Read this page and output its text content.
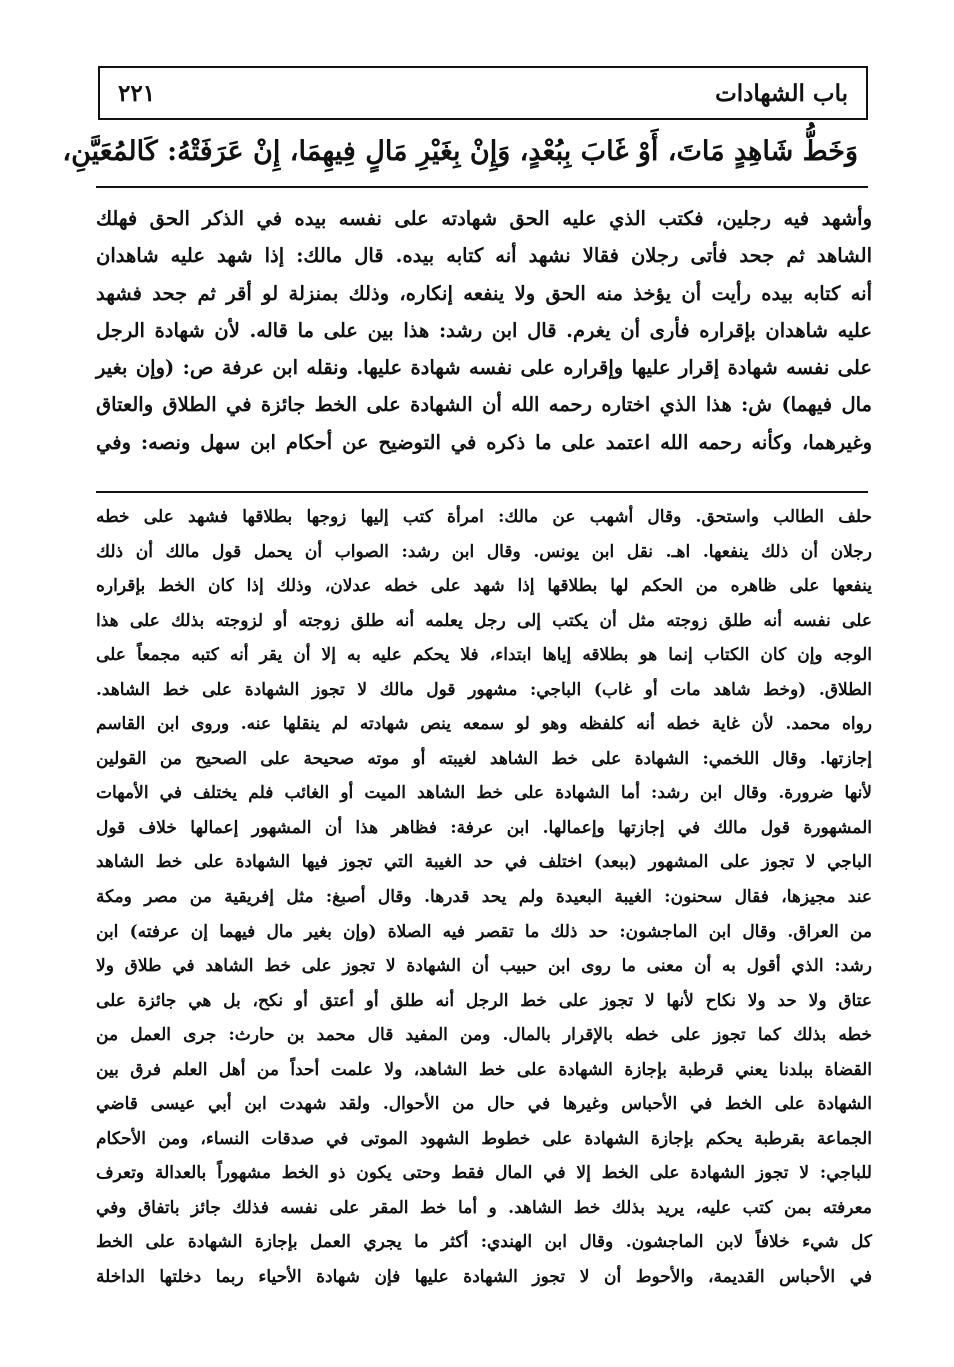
باب الشهادات
٢٢١

وَخَطُّ شَاهِدٍ مَاتَ، أَوْ غَابَ بِبُعْدٍ، وَإِنْ بِغَيْرِ مَالٍ فِيهِمَا، إِنْ عَرَفَتْهُ: كَالمُعَيَّنِ،

وأشهد فيه رجلين، فكتب الذي عليه الحق شهادته على نفسه بيده في الذكر الحق فهلك

الشاهد ثم جحد فأتى رجلان فقالا نشهد أنه كتابه بيده. قال مالك: إذا شهد عليه شاهدان

أنه كتابه بيده رأيت أن يؤخذ منه الحق ولا ينفعه إنكاره، وذلك بمنزلة لو أقر ثم جحد فشهد

عليه شاهدان بإقراره فأرى أن يغرم. قال ابن رشد: هذا بين على ما قاله. لأن شهادة الرجل

على نفسه شهادة إقرار عليها وإقراره على نفسه شهادة عليها. ونقله ابن عرفة ص: (وإن بغير

مال فيهما) ش: هذا الذي اختاره رحمه الله أن الشهادة على الخط جائزة في الطلاق والعتاق

وغيرهما، وكأنه رحمه الله اعتمد على ما ذكره في التوضيح عن أحكام ابن سهل ونصه: وفي

حلف الطالب واستحق. وقال أشهب عن مالك: امرأة كتب إليها زوجها بطلاقها فشهد على خطه

رجلان أن ذلك ينفعها. اهـ. نقل ابن يونس. وقال ابن رشد: الصواب أن يحمل قول مالك أن ذلك

ينفعها على ظاهره من الحكم لها بطلاقها إذا شهد على خطه عدلان، وذلك إذا كان الخط بإقراره

على نفسه أنه طلق زوجته مثل أن يكتب إلى رجل يعلمه أنه طلق زوجته أو لزوجته بذلك على هذا

الوجه وإن كان الكتاب إنما هو بطلاقه إياها ابتداء، فلا يحكم عليه به إلا أن يقر أنه كتبه مجمعاً على

الطلاق. (وخط شاهد مات أو غاب) الباجي: مشهور قول مالك لا تجوز الشهادة على خط الشاهد.

رواه محمد. لأن غاية خطه أنه كلفظه وهو لو سمعه ينص شهادته لم ينقلها عنه. وروى ابن القاسم

إجازتها. وقال اللخمي: الشهادة على خط الشاهد لغيبته أو موته صحيحة على الصحيح من القولين

لأنها ضرورة. وقال ابن رشد: أما الشهادة على خط الشاهد الميت أو الغائب فلم يختلف في الأمهات

المشهورة قول مالك في إجازتها وإعمالها. ابن عرفة: فظاهر هذا أن المشهور إعمالها خلاف قول

الباجي لا تجوز على المشهور (ببعد) اختلف في حد الغيبة التي تجوز فيها الشهادة على خط الشاهد

عند مجيزها، فقال سحنون: الغيبة البعيدة ولم يحد قدرها. وقال أصبغ: مثل إفريقية من مصر ومكة

من العراق. وقال ابن الماجشون: حد ذلك ما تقصر فيه الصلاة (وإن بغير مال فيهما إن عرفته) ابن

رشد: الذي أقول به أن معنى ما روى ابن حبيب أن الشهادة لا تجوز على خط الشاهد في طلاق ولا

عتاق ولا حد ولا نكاح لأنها لا تجوز على خط الرجل أنه طلق أو أعتق أو نكح، بل هي جائزة على

خطه بذلك كما تجوز على خطه بالإقرار بالمال. ومن المفيد قال محمد بن حارث: جرى العمل من

القضاة ببلدنا يعني قرطبة بإجازة الشهادة على خط الشاهد، ولا علمت أحداً من أهل العلم فرق بين

الشهادة على الخط في الأحباس وغيرها في حال من الأحوال. ولقد شهدت ابن أبي عيسى قاضي

الجماعة بقرطبة يحكم بإجازة الشهادة على خطوط الشهود الموتى في صدقات النساء، ومن الأحكام

للباجي: لا تجوز الشهادة على الخط إلا في المال فقط وحتى يكون ذو الخط مشهوراً بالعدالة وتعرف

معرفته بمن كتب عليه، يريد بذلك خط الشاهد. و أما خط المقر على نفسه فذلك جائز باتفاق وفي

كل شيء خلافاً لابن الماجشون. وقال ابن الهندي: أكثر ما يجري العمل بإجازة الشهادة على الخط

في الأحباس القديمة، والأحوط أن لا تجوز الشهادة عليها فإن شهادة الأحياء ربما دخلتها الداخلة
